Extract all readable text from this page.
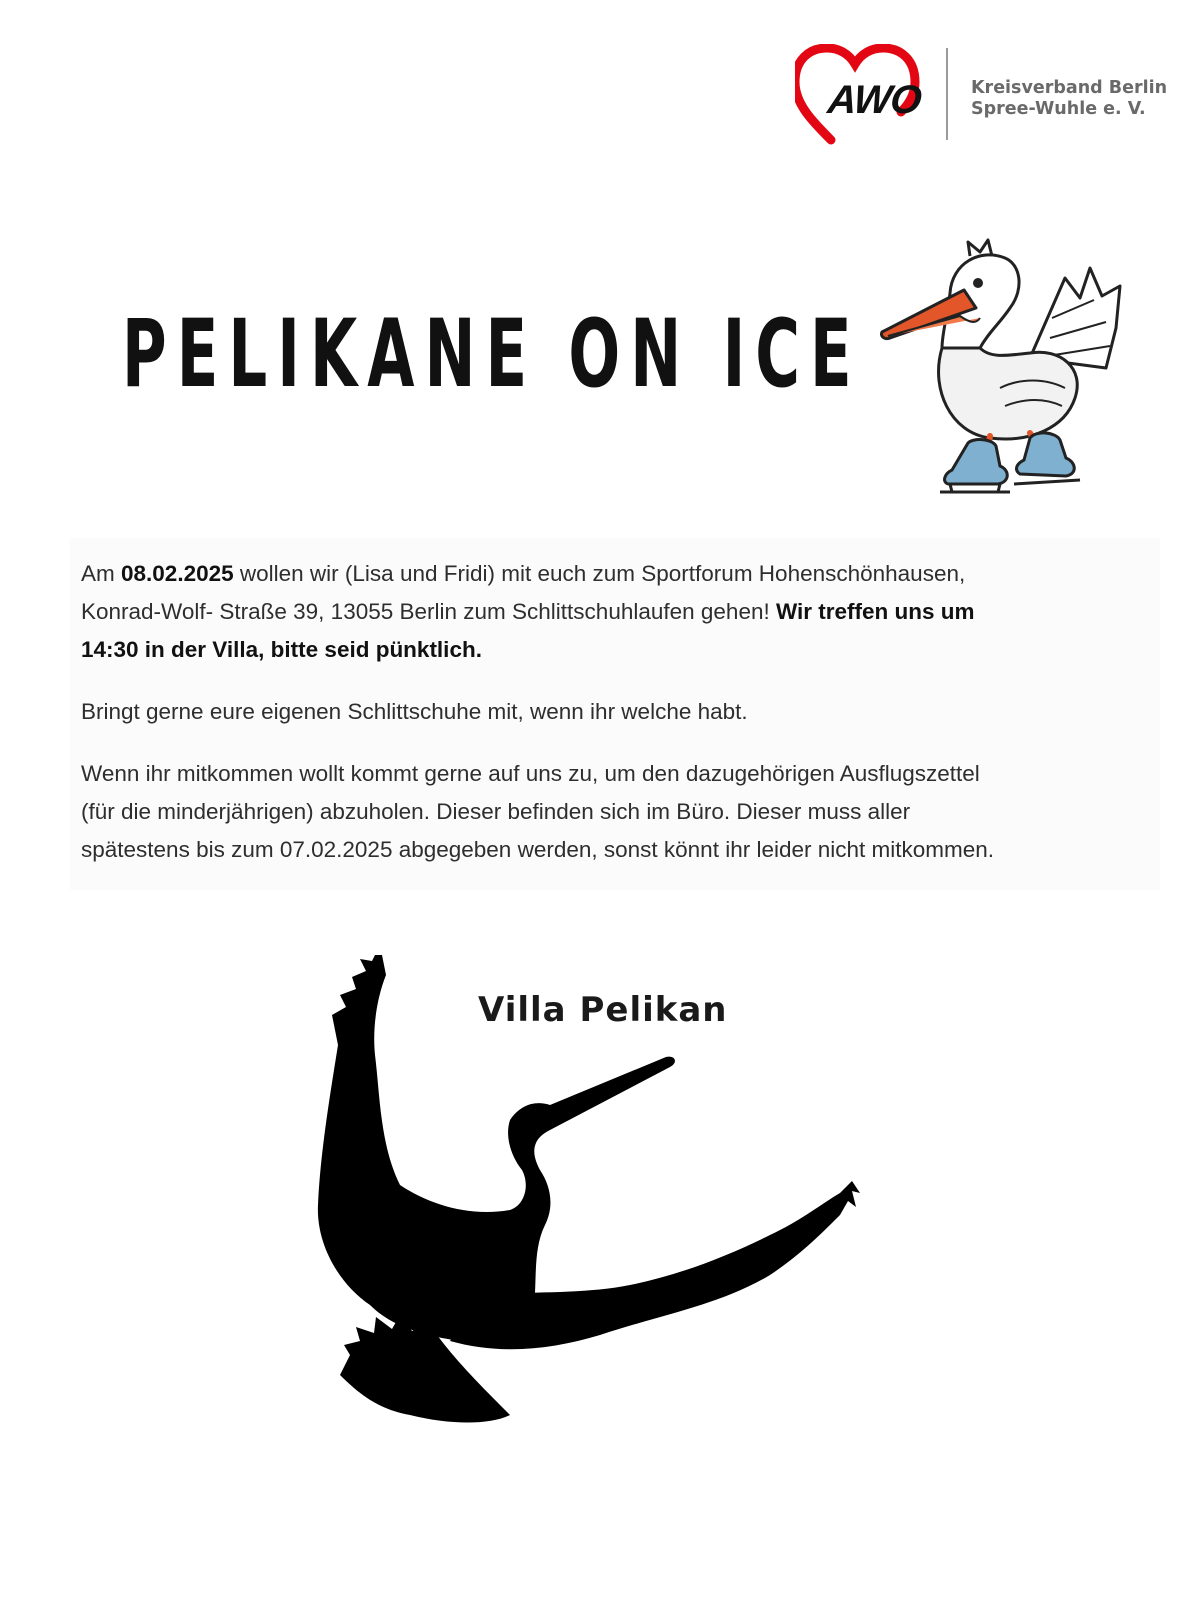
AWO	Kreisverband Berlin
Spree-Wuhle e. V.
PELIKANE ON ICE

Am 08.02.2025 wollen wir (Lisa und Fridi) mit euch zum Sportforum Hohenschönhausen,
Konrad-Wolf- Straße 39, 13055 Berlin zum Schlittschuhlaufen gehen! Wir treffen uns um
14:30 in der Villa, bitte seid pünktlich.

Bringt gerne eure eigenen Schlittschuhe mit, wenn ihr welche habt.

Wenn ihr mitkommen wollt kommt gerne auf uns zu, um den dazugehörigen Ausflugszettel
(für die minderjährigen) abzuholen. Dieser befinden sich im Büro. Dieser muss aller
spätestens bis zum 07.02.2025 abgegeben werden, sonst könnt ihr leider nicht mitkommen.

Villa Pelikan
